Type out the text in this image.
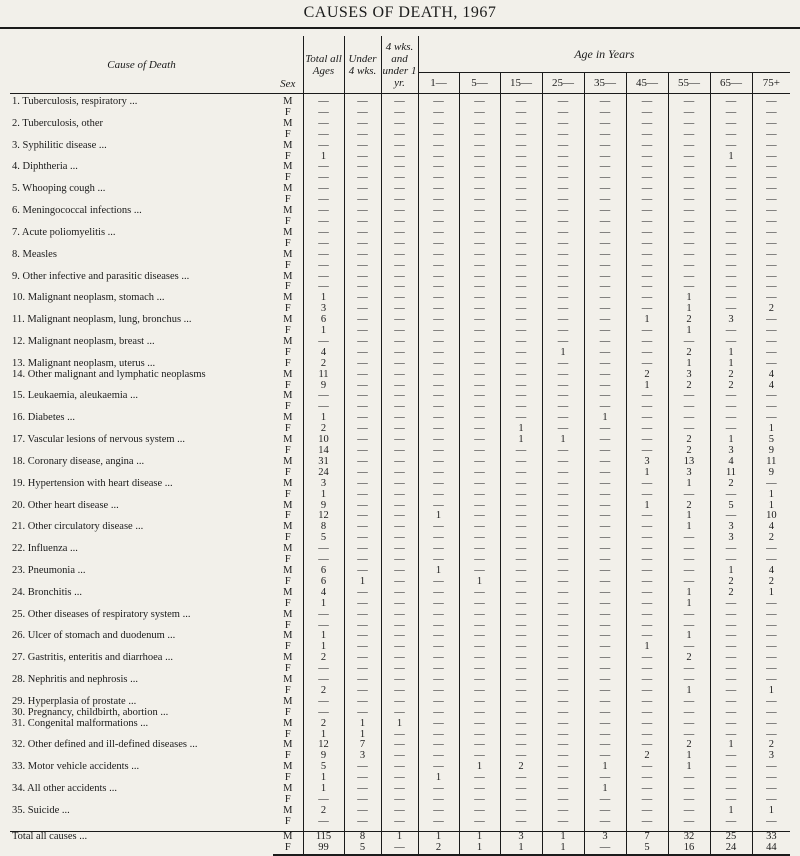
CAUSES OF DEATH, 1967
Cause of Death	Sex	Total all Ages	Under 4 wks.	4 wks. and under 1 yr.	Age in Years								
					1—	5—	15—	25—	35—	45—	55—	65—	75+

1. Tuberculosis, respiratory ...	M	—	—	—	—	—	—	—	—	—	—	—	—
	F	—	—	—	—	—	—	—	—	—	—	—	—
2. Tuberculosis, other	M	—	—	—	—	—	—	—	—	—	—	—	—
	F	—	—	—	—	—	—	—	—	—	—	—	—
3. Syphilitic disease ...	M	—	—	—	—	—	—	—	—	—	—	—	—
	F	1	—	—	—	—	—	—	—	—	—	1	—
4. Diphtheria ...	M	—	—	—	—	—	—	—	—	—	—	—	—
	F	—	—	—	—	—	—	—	—	—	—	—	—
5. Whooping cough ...	M	—	—	—	—	—	—	—	—	—	—	—	—
	F	—	—	—	—	—	—	—	—	—	—	—	—
6. Meningococcal infections ...	M	—	—	—	—	—	—	—	—	—	—	—	—
	F	—	—	—	—	—	—	—	—	—	—	—	—
7. Acute poliomyelitis ...	M	—	—	—	—	—	—	—	—	—	—	—	—
	F	—	—	—	—	—	—	—	—	—	—	—	—
8. Measles	M	—	—	—	—	—	—	—	—	—	—	—	—
	F	—	—	—	—	—	—	—	—	—	—	—	—
9. Other infective and parasitic diseases ...	M	—	—	—	—	—	—	—	—	—	—	—	—
	F	—	—	—	—	—	—	—	—	—	—	—	—
10. Malignant neoplasm, stomach ...	M	1	—	—	—	—	—	—	—	—	1	—	—
	F	3	—	—	—	—	—	—	—	—	1	—	2
11. Malignant neoplasm, lung, bronchus ...	M	6	—	—	—	—	—	—	—	1	2	3	—
	F	1	—	—	—	—	—	—	—	—	1	—	—
12. Malignant neoplasm, breast ...	M	—	—	—	—	—	—	—	—	—	—	—	—
	F	4	—	—	—	—	—	1	—	—	2	1	—
13. Malignant neoplasm, uterus ...	F	2	—	—	—	—	—	—	—	—	1	1	—
14. Other malignant and lymphatic neoplasms	M	11	—	—	—	—	—	—	—	2	3	2	4
	F	9	—	—	—	—	—	—	—	1	2	2	4
15. Leukaemia, aleukaemia ...	M	—	—	—	—	—	—	—	—	—	—	—	—
	F	—	—	—	—	—	—	—	—	—	—	—	—
16. Diabetes ...	M	1	—	—	—	—	—	—	1	—	—	—	—
	F	2	—	—	—	—	1	—	—	—	—	—	1
17. Vascular lesions of nervous system ...	M	10	—	—	—	—	1	1	—	—	2	1	5
	F	14	—	—	—	—	—	—	—	—	2	3	9
18. Coronary disease, angina ...	M	31	—	—	—	—	—	—	—	3	13	4	11
	F	24	—	—	—	—	—	—	—	1	3	11	9
19. Hypertension with heart disease ...	M	3	—	—	—	—	—	—	—	—	1	2	—
	F	1	—	—	—	—	—	—	—	—	—	—	1
20. Other heart disease ...	M	9	—	—	—	—	—	—	—	1	2	5	1
	F	12	—	—	1	—	—	—	—	—	1	—	10
21. Other circulatory disease ...	M	8	—	—	—	—	—	—	—	—	1	3	4
	F	5	—	—	—	—	—	—	—	—	—	3	2
22. Influenza ...	M	—	—	—	—	—	—	—	—	—	—	—	—
	F	—	—	—	—	—	—	—	—	—	—	—	—
23. Pneumonia ...	M	6	—	—	1	—	—	—	—	—	—	1	4
	F	6	1	—	—	1	—	—	—	—	—	2	2
24. Bronchitis ...	M	4	—	—	—	—	—	—	—	—	1	2	1
	F	1	—	—	—	—	—	—	—	—	1	—	—
25. Other diseases of respiratory system ...	M	—	—	—	—	—	—	—	—	—	—	—	—
	F	—	—	—	—	—	—	—	—	—	—	—	—
26. Ulcer of stomach and duodenum ...	M	1	—	—	—	—	—	—	—	—	1	—	—
	F	1	—	—	—	—	—	—	—	1	—	—	—
27. Gastritis, enteritis and diarrhoea ...	M	2	—	—	—	—	—	—	—	—	2	—	—
	F	—	—	—	—	—	—	—	—	—	—	—	—
28. Nephritis and nephrosis ...	M	—	—	—	—	—	—	—	—	—	—	—	—
	F	2	—	—	—	—	—	—	—	—	1	—	1
29. Hyperplasia of prostate ...	M	—	—	—	—	—	—	—	—	—	—	—	—
30. Pregnancy, childbirth, abortion ...	F	—	—	—	—	—	—	—	—	—	—	—	—
31. Congenital malformations ...	M	2	1	1	—	—	—	—	—	—	—	—	—
	F	1	1	—	—	—	—	—	—	—	—	—	—
32. Other defined and ill-defined diseases ...	M	12	7	—	—	—	—	—	—	—	2	1	2
	F	9	3	—	—	—	—	—	—	2	1	—	3
33. Motor vehicle accidents ...	M	5	—	—	—	1	2	—	1	—	1	—	—
	F	1	—	—	1	—	—	—	—	—	—	—	—
34. All other accidents ...	M	1	—	—	—	—	—	—	1	—	—	—	—
	F	—	—	—	—	—	—	—	—	—	—	—	—
35. Suicide ...	M	2	—	—	—	—	—	—	—	—	—	1	1
	F	—	—	—	—	—	—	—	—	—	—	—	—

Total all causes ...	M	115	8	1	1	1	3	1	3	7	32	25	33
	F	99	5	—	2	1	1	1	—	5	16	24	44
